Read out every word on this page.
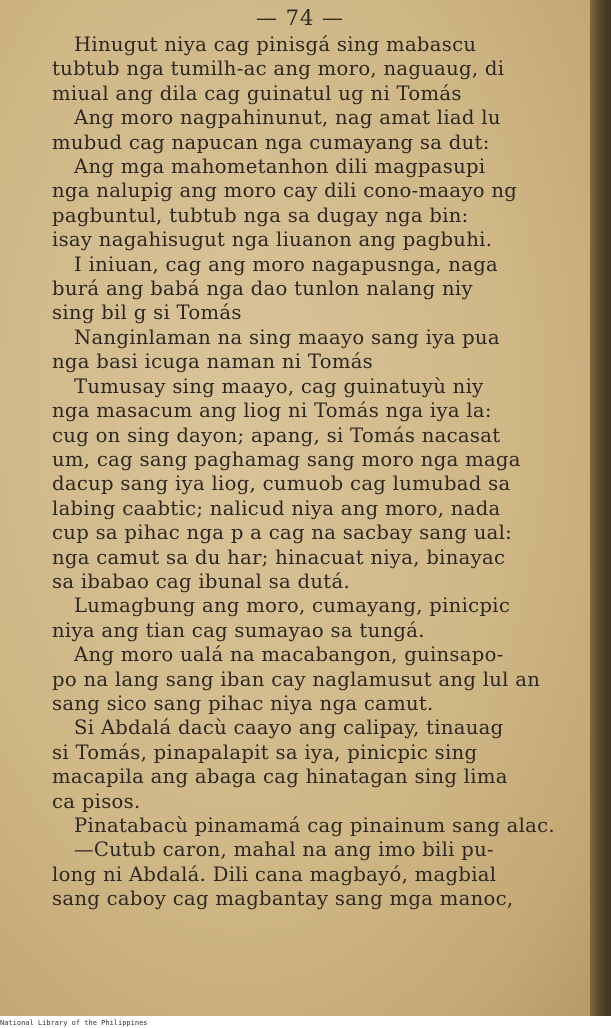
— 74 —
Hinugut niya cag pinisgá sing mabascu
tubtub nga tumilh-ac ang moro, naguaug, di
miual ang dila cag guinatul ug ni Tomás
Ang moro nagpahinunut, nag amat liad lu
mubud cag napucan nga cumayang sa dut:
Ang mga mahometanhon dili magpasupi
nga nalupig ang moro cay dili cono-maayo ng
pagbuntul, tubtub nga sa dugay nga bin:
isay nagahisugut nga liuanon ang pagbuhi.
I iniuan, cag ang moro nagapusnga, naga
burá ang babá nga dao tunlon nalang niy
sing bil g si Tomás
Nanginlaman na sing maayo sang iya pua
nga basi icuga naman ni Tomás
Tumusay sing maayo, cag guinatuyù niy
nga masacum ang liog ni Tomás nga iya la:
cug on sing dayon; apang, si Tomás nacasat
um, cag sang paghamag sang moro nga maga
dacup sang iya liog, cumuob cag lumubad sa
labing caabtic; nalicud niya ang moro, nada
cup sa pihac nga p a cag na sacbay sang ual:
nga camut sa du har; hinacuat niya, binayac
sa ibabao cag ibunal sa dutá.
Lumagbung ang moro, cumayang, pinicpic
niya ang tian cag sumayao sa tungá.
Ang moro ualá na macabangon, guinsapo-
po na lang sang iban cay naglamusut ang lul an
sang sico sang pihac niya nga camut.
Si Abdalá dacù caayo ang calipay, tinauag
si Tomás, pinapalapit sa iya, pinicpic sing
macapila ang abaga cag hinatagan sing lima
ca pisos.
Pinatabacù pinamamá cag pinainum sang alac.
—Cutub caron, mahal na ang imo bili pu-
long ni Abdalá. Dili cana magbayó, magbial
sang caboy cag magbantay sang mga manoc,
National Library of the Philippines
